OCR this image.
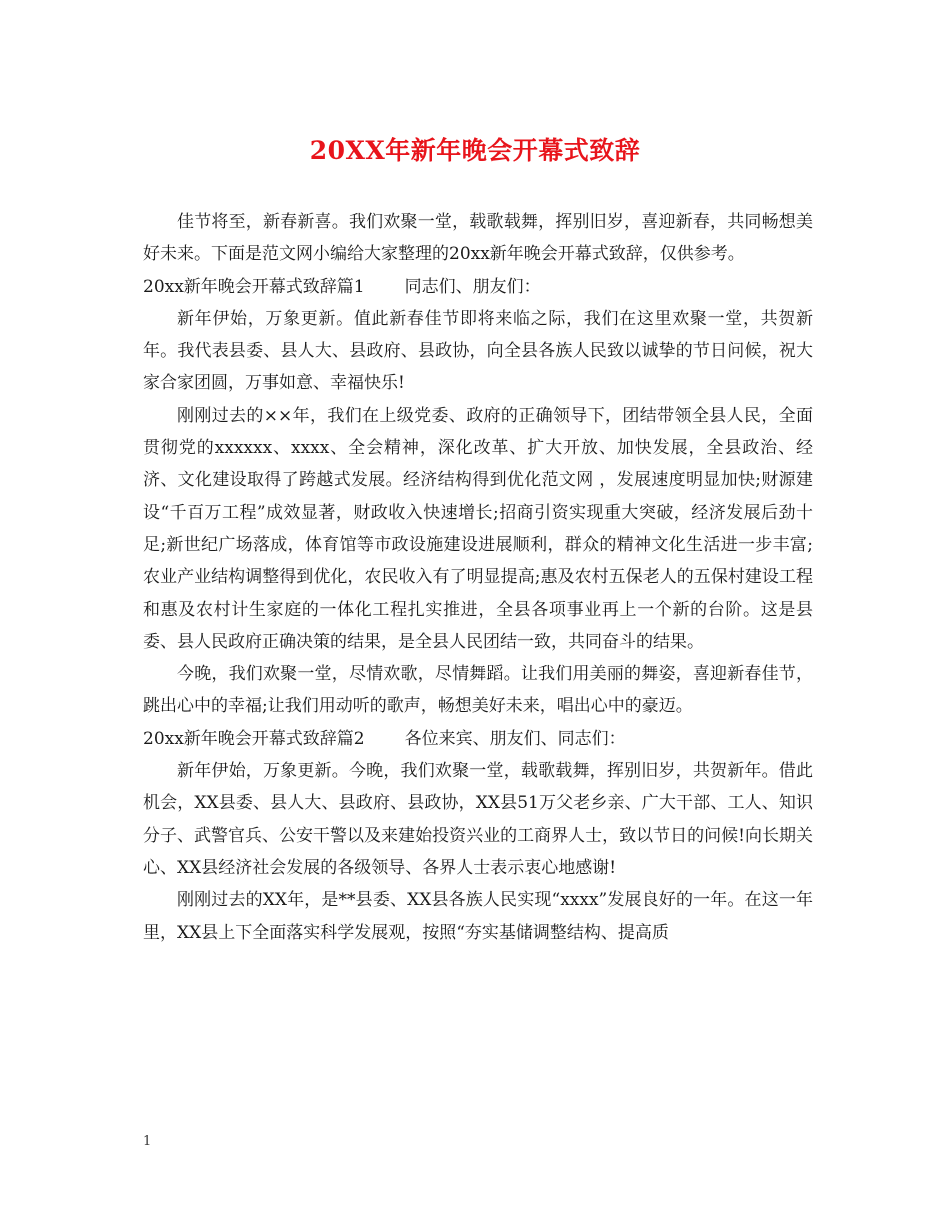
20XX年新年晚会开幕式致辞

佳节将至，新春新喜。我们欢聚一堂，载歌载舞，挥别旧岁，喜迎新春，共同畅想美好未来。下面是范文网小编给大家整理的20xx新年晚会开幕式致辞，仅供参考。

20xx新年晚会开幕式致辞篇1 同志们、朋友们：

新年伊始，万象更新。值此新春佳节即将来临之际，我们在这里欢聚一堂，共贺新年。我代表县委、县人大、县政府、县政协，向全县各族人民致以诚挚的节日问候，祝大家合家团圆，万事如意、幸福快乐!

刚刚过去的××年，我们在上级党委、政府的正确领导下，团结带领全县人民，全面贯彻党的xxxxxx、xxxx、全会精神，深化改革、扩大开放、加快发展，全县政治、经济、文化建设取得了跨越式发展。经济结构得到优化范文网 ，发展速度明显加快;财源建设“千百万工程”成效显著，财政收入快速增长;招商引资实现重大突破，经济发展后劲十足;新世纪广场落成，体育馆等市政设施建设进展顺利，群众的精神文化生活进一步丰富;农业产业结构调整得到优化，农民收入有了明显提高;惠及农村五保老人的五保村建设工程和惠及农村计生家庭的一体化工程扎实推进，全县各项事业再上一个新的台阶。这是县委、县人民政府正确决策的结果，是全县人民团结一致，共同奋斗的结果。

今晚，我们欢聚一堂，尽情欢歌，尽情舞蹈。让我们用美丽的舞姿，喜迎新春佳节，跳出心中的幸福;让我们用动听的歌声，畅想美好未来，唱出心中的豪迈。

20xx新年晚会开幕式致辞篇2 各位来宾、朋友们、同志们：

新年伊始，万象更新。今晚，我们欢聚一堂，载歌载舞，挥别旧岁，共贺新年。借此机会，XX县委、县人大、县政府、县政协，XX县51万父老乡亲、广大干部、工人、知识分子、武警官兵、公安干警以及来建始投资兴业的工商界人士，致以节日的问候!向长期关心、XX县经济社会发展的各级领导、各界人士表示衷心地感谢!

刚刚过去的XX年，是**县委、XX县各族人民实现“xxxx”发展良好的一年。在这一年里，XX县上下全面落实科学发展观，按照“夯实基储调整结构、提高质

1
